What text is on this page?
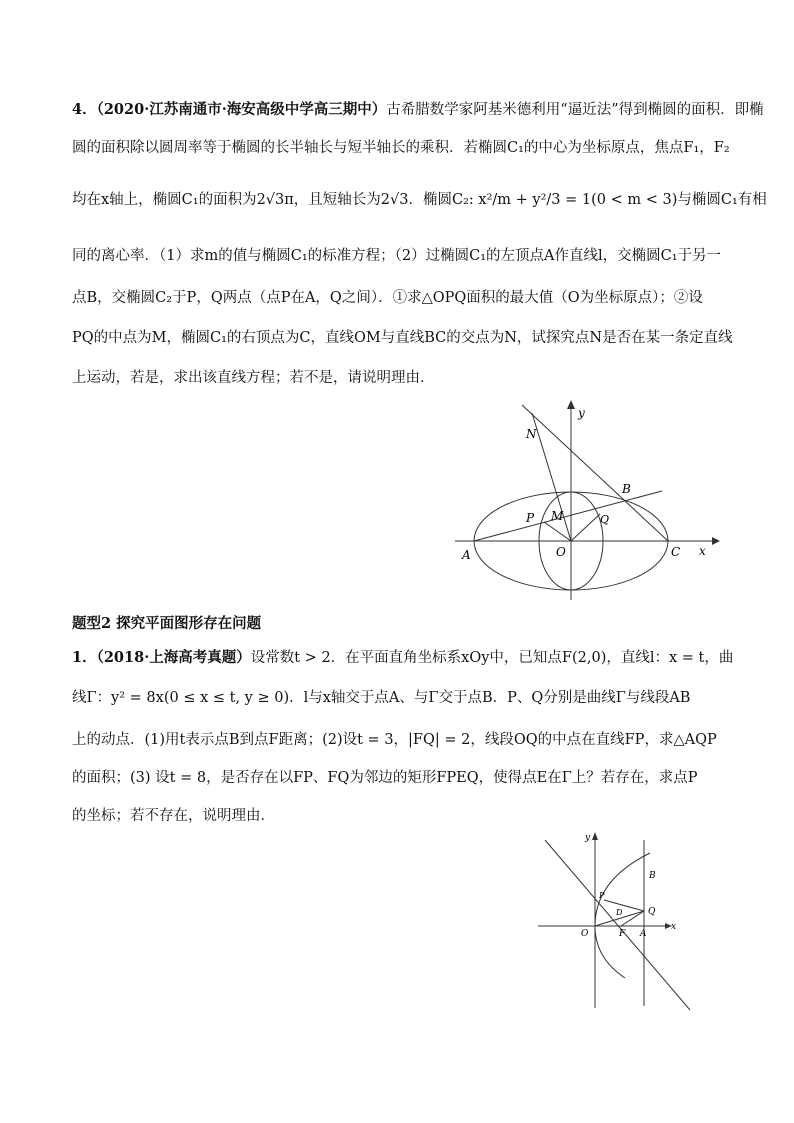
4．（2020·江苏南通市·海安高级中学高三期中）古希腊数学家阿基米德利用“逼近法”得到椭圆的面积．即椭
圆的面积除以圆周率等于椭圆的长半轴长与短半轴长的乘积．若椭圆C₁的中心为坐标原点，焦点F₁，F₂
均在x轴上，椭圆C₁的面积为2√3π，且短轴长为2√3．椭圆C₂: x²/m + y²/3 = 1(0 < m < 3)与椭圆C₁有相
同的离心率．（1）求m的值与椭圆C₁的标准方程；（2）过椭圆C₁的左顶点A作直线l，交椭圆C₁于另一
点B，交椭圆C₂于P，Q两点（点P在A，Q之间）．①求△OPQ面积的最大值（O为坐标原点）；②设
PQ的中点为M，椭圆C₁的右顶点为C，直线OM与直线BC的交点为N，试探究点N是否在某一条定直线
上运动，若是，求出该直线方程；若不是，请说明理由．
y
x
N
B
P M	Q
A	O	C
题型2 探究平面图形存在问题
1．（2018·上海高考真题）设常数t > 2．在平面直角坐标系xOy中，已知点F(2,0)，直线l：x = t，曲
线Γ：y² = 8x(0 ≤ x ≤ t, y ≥ 0)．l与x轴交于点A、与Γ交于点B．P、Q分别是曲线Γ与线段AB
上的动点．(1)用t表示点B到点F距离；(2)设t = 3，|FQ| = 2，线段OQ的中点在直线FP，求△AQP
的面积；(3) 设t = 8，是否存在以FP、FQ为邻边的矩形FPEQ，使得点E在Γ上？若存在，求点P
的坐标；若不存在，说明理由．
y
x
B
P
D	Q
O	F A
